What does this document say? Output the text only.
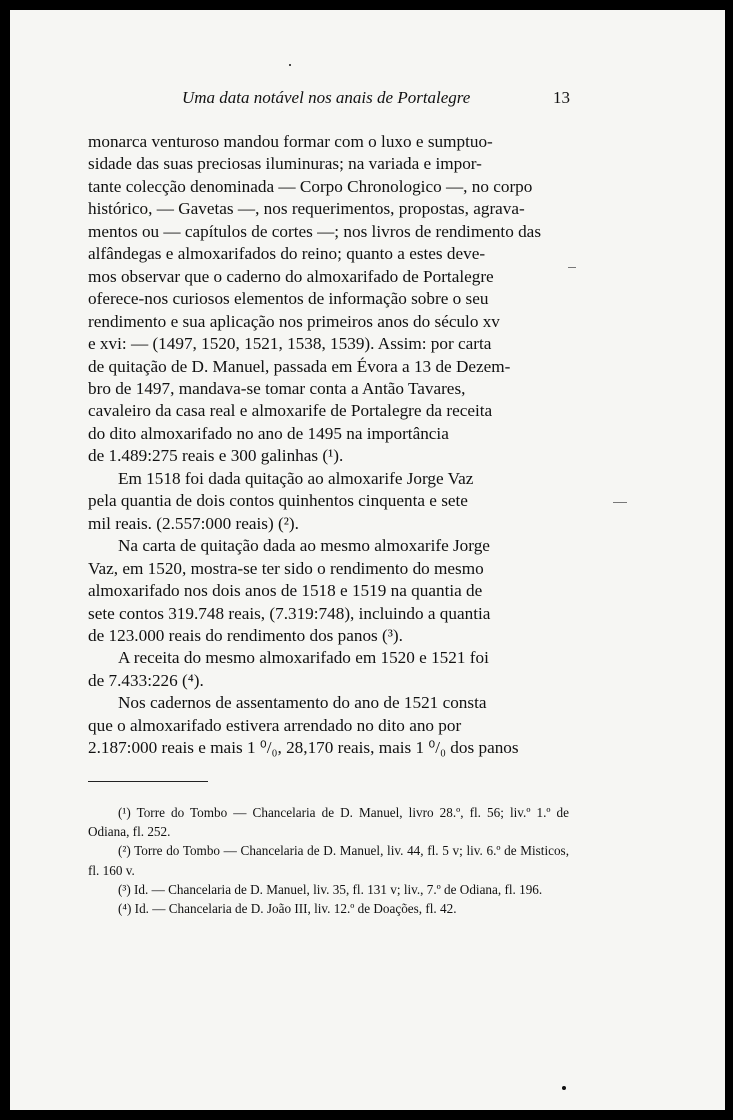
Uma data notável nos anais de Portalegre	13

monarca venturoso mandou formar com o luxo e sumptuo-

sidade das suas preciosas iluminuras; na variada e impor-

tante colecção denominada — Corpo Chronologico —, no corpo

histórico, — Gavetas —, nos requerimentos, propostas, agrava-

mentos ou — capítulos de cortes —; nos livros de rendimento das

alfândegas e almoxarifados do reino; quanto a estes deve-

mos observar que o caderno do almoxarifado de Portalegre

oferece-nos curiosos elementos de informação sobre o seu

rendimento e sua aplicação nos primeiros anos do século xv

e xvi: — (1497, 1520, 1521, 1538, 1539). Assim: por carta

de quitação de D. Manuel, passada em Évora a 13 de Dezem-

bro de 1497, mandava-se tomar conta a Antão Tavares,

cavaleiro da casa real e almoxarife de Portalegre da receita

do dito almoxarifado no ano de 1495 na importância

de 1.489:275 reais e 300 galinhas (¹).

Em 1518 foi dada quitação ao almoxarife Jorge Vaz

pela quantia de dois contos quinhentos cinquenta e sete

mil reais. (2.557:000 reais) (²).

Na carta de quitação dada ao mesmo almoxarife Jorge

Vaz, em 1520, mostra-se ter sido o rendimento do mesmo

almoxarifado nos dois anos de 1518 e 1519 na quantia de

sete contos 319.748 reais, (7.319:748), incluindo a quantia

de 123.000 reais do rendimento dos panos (³).

A receita do mesmo almoxarifado em 1520 e 1521 foi

de 7.433:226 (⁴).

Nos cadernos de assentamento do ano de 1521 consta

que o almoxarifado estivera arrendado no dito ano por

2.187:000 reais e mais 1 ⁰/₀, 28,170 reais, mais 1 ⁰/₀ dos panos

(¹) Torre do Tombo — Chancelaria de D. Manuel, livro 28.º, fl. 56; liv.º 1.º de Odiana, fl. 252.

(²) Torre do Tombo — Chancelaria de D. Manuel, liv. 44, fl. 5 v; liv. 6.º de Misticos, fl. 160 v.

(³) Id. — Chancelaria de D. Manuel, liv. 35, fl. 131 v; liv., 7.º de Odiana, fl. 196.

(⁴) Id. — Chancelaria de D. João III, liv. 12.º de Doações, fl. 42.
